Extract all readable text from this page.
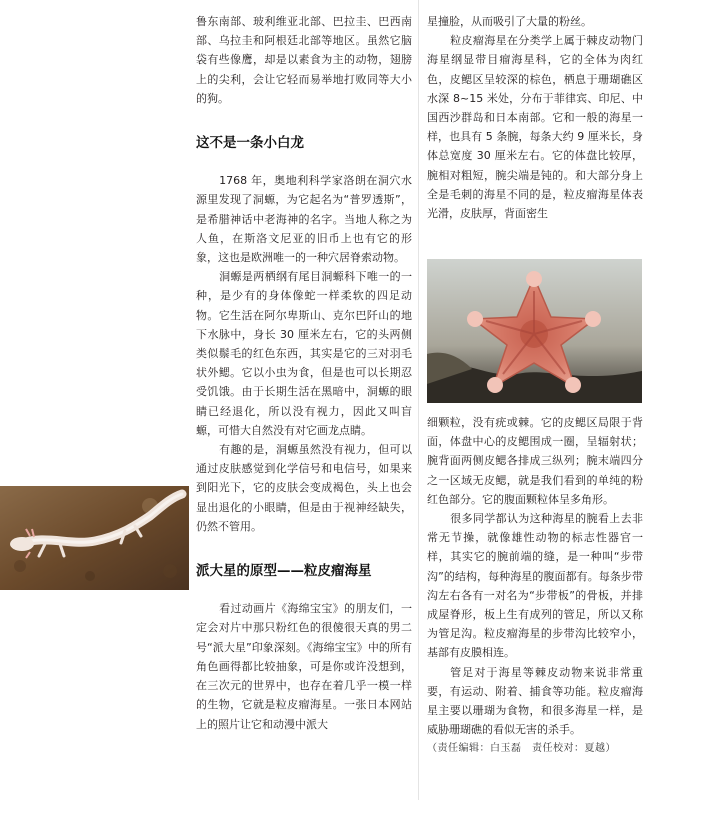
鲁东南部、玻利维亚北部、巴拉圭、巴西南部、乌拉圭和阿根廷北部等地区。虽然它脑袋有些像鹰，却是以素食为主的动物，翅膀上的尖利，会让它轻而易举地打败同等大小的狗。

这不是一条小白龙

1768 年，奥地利科学家洛朗在洞穴水源里发现了洞螈，为它起名为“普罗透斯”，是希腊神话中老海神的名字。当地人称之为人鱼，在斯洛文尼亚的旧币上也有它的形象，这也是欧洲唯一的一种穴居脊索动物。

洞螈是两栖纲有尾目洞螈科下唯一的一种，是少有的身体像蛇一样柔软的四足动物。它生活在阿尔卑斯山、克尔巴阡山的地下水脉中，身长 30 厘米左右，它的头两侧类似鬃毛的红色东西，其实是它的三对羽毛状外鳃。它以小虫为食，但是也可以长期忍受饥饿。由于长期生活在黑暗中，洞螈的眼睛已经退化，所以没有视力，因此又叫盲螈，可惜大自然没有对它画龙点睛。

有趣的是，洞螈虽然没有视力，但可以通过皮肤感觉到化学信号和电信号，如果来到阳光下，它的皮肤会变成褐色，头上也会显出退化的小眼睛，但是由于视神经缺失，仍然不管用。

派大星的原型——粒皮瘤海星

看过动画片《海绵宝宝》的朋友们，一定会对片中那只粉红色的很傻很天真的男二号“派大星”印象深刻。《海绵宝宝》中的所有角色画得都比较抽象，可是你或许没想到，在三次元的世界中，也存在着几乎一模一样的生物，它就是粒皮瘤海星。一张日本网站上的照片让它和动漫中派大

星撞脸，从而吸引了大量的粉丝。

粒皮瘤海星在分类学上属于棘皮动物门海星纲显带目瘤海星科，它的全体为肉红色，皮鳃区呈较深的棕色，栖息于珊瑚礁区水深 8~15 米处，分布于菲律宾、印尼、中国西沙群岛和日本南部。它和一般的海星一样，也具有 5 条腕，每条大约 9 厘米长，身体总宽度 30 厘米左右。它的体盘比较厚，腕相对粗短，腕尖端是钝的。和大部分身上全是毛刺的海星不同的是，粒皮瘤海星体表光滑，皮肤厚，背面密生

细颗粒，没有疣或棘。它的皮鳃区局限于背面，体盘中心的皮鳃围成一圈，呈辐射状；腕背面两侧皮鳃各排成三纵列；腕末端四分之一区域无皮鳃，就是我们看到的单纯的粉红色部分。它的腹面颗粒体呈多角形。

很多同学都认为这种海星的腕看上去非常无节操，就像雄性动物的标志性器官一样，其实它的腕前端的缝，是一种叫“步带沟”的结构，每种海星的腹面都有。每条步带沟左右各有一对名为“步带板”的骨板，并排成屋脊形，板上生有成列的管足，所以又称为管足沟。粒皮瘤海星的步带沟比较窄小，基部有皮膜相连。

管足对于海星等棘皮动物来说非常重要，有运动、附着、捕食等功能。粒皮瘤海星主要以珊瑚为食物，和很多海星一样，是威胁珊瑚礁的看似无害的杀手。

（责任编辑：白玉磊　责任校对：夏越）
